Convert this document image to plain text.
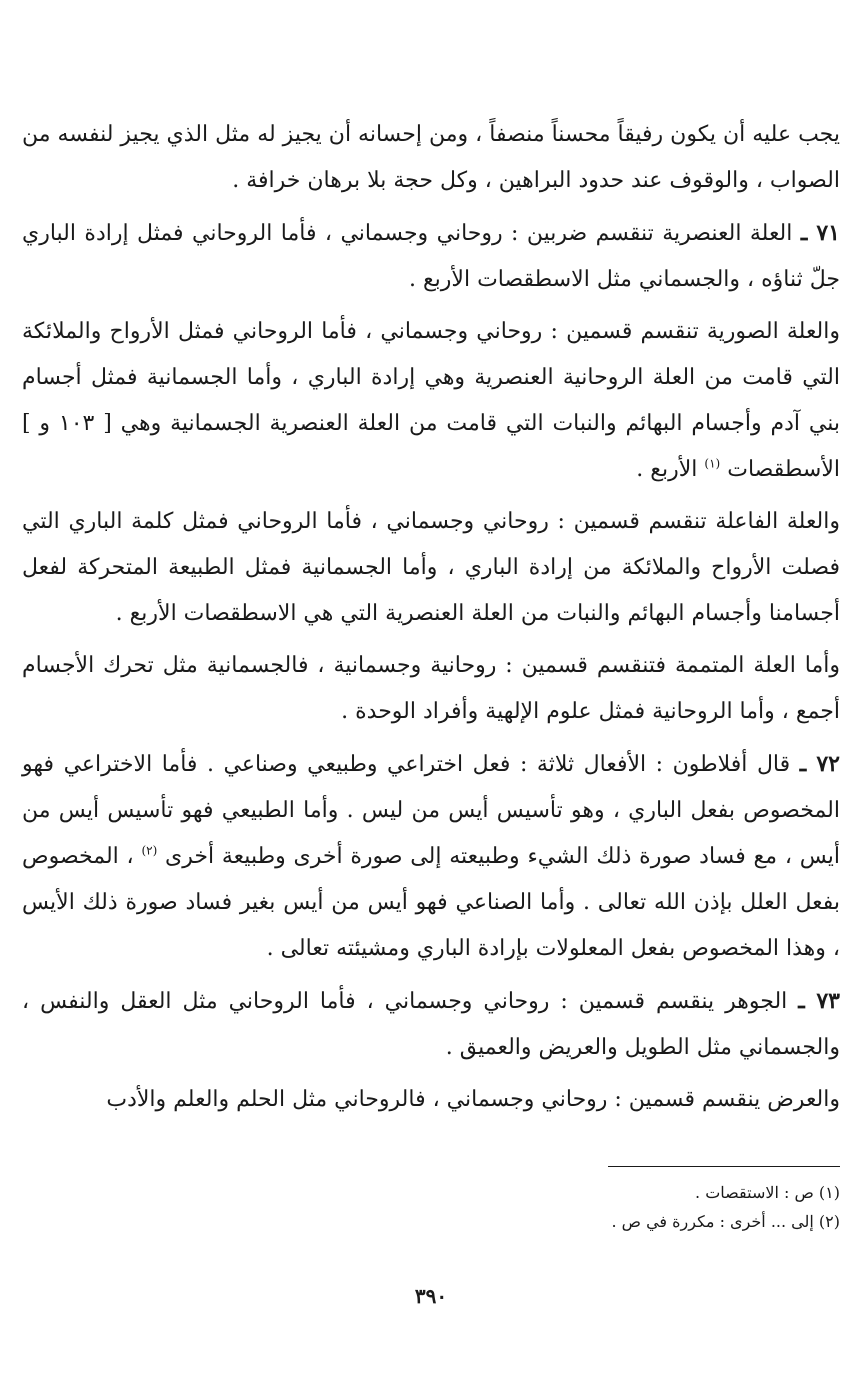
يجب عليه أن يكون رفيقاً محسناً منصفاً ، ومن إحسانه أن يجيز له مثل الذي يجيز لنفسه من الصواب ، والوقوف عند حدود البراهين ، وكل حجة بلا برهان خرافة .

٧١ ـ العلة العنصرية تنقسم ضربين : روحاني وجسماني ، فأما الروحاني فمثل إرادة الباري جلّ ثناؤه ، والجسماني مثل الاسطقصات الأربع .

والعلة الصورية تنقسم قسمين : روحاني وجسماني ، فأما الروحاني فمثل الأرواح والملائكة التي قامت من العلة الروحانية العنصرية وهي إرادة الباري ، وأما الجسمانية فمثل أجسام بني آدم وأجسام البهائم والنبات التي قامت من العلة العنصرية الجسمانية وهي [ ١٠٣ و ] الأسطقصات $^{(١)}$ الأربع .

والعلة الفاعلة تنقسم قسمين : روحاني وجسماني ، فأما الروحاني فمثل كلمة الباري التي فصلت الأرواح والملائكة من إرادة الباري ، وأما الجسمانية فمثل الطبيعة المتحركة لفعل أجسامنا وأجسام البهائم والنبات من العلة العنصرية التي هي الاسطقصات الأربع .

وأما العلة المتممة فتنقسم قسمين : روحانية وجسمانية ، فالجسمانية مثل تحرك الأجسام أجمع ، وأما الروحانية فمثل علوم الإلهية وأفراد الوحدة .

٧٢ ـ قال أفلاطون : الأفعال ثلاثة : فعل اختراعي وطبيعي وصناعي . فأما الاختراعي فهو المخصوص بفعل الباري ، وهو تأسيس أيس من ليس . وأما الطبيعي فهو تأسيس أيس من أيس ، مع فساد صورة ذلك الشيء وطبيعته إلى صورة أخرى وطبيعة أخرى $^{(٢)}$ ، المخصوص بفعل العلل بإذن الله تعالى . وأما الصناعي فهو أيس من أيس بغير فساد صورة ذلك الأيس ، وهذا المخصوص بفعل المعلولات بإرادة الباري ومشيئته تعالى .

٧٣ ـ الجوهر ينقسم قسمين : روحاني وجسماني ، فأما الروحاني مثل العقل والنفس ، والجسماني مثل الطويل والعريض والعميق .

والعرض ينقسم قسمين : روحاني وجسماني ، فالروحاني مثل الحلم والعلم والأدب

(١) ص : الاستقصات .

(٢) إلى ... أخرى : مكررة في ص .

٣٩٠
